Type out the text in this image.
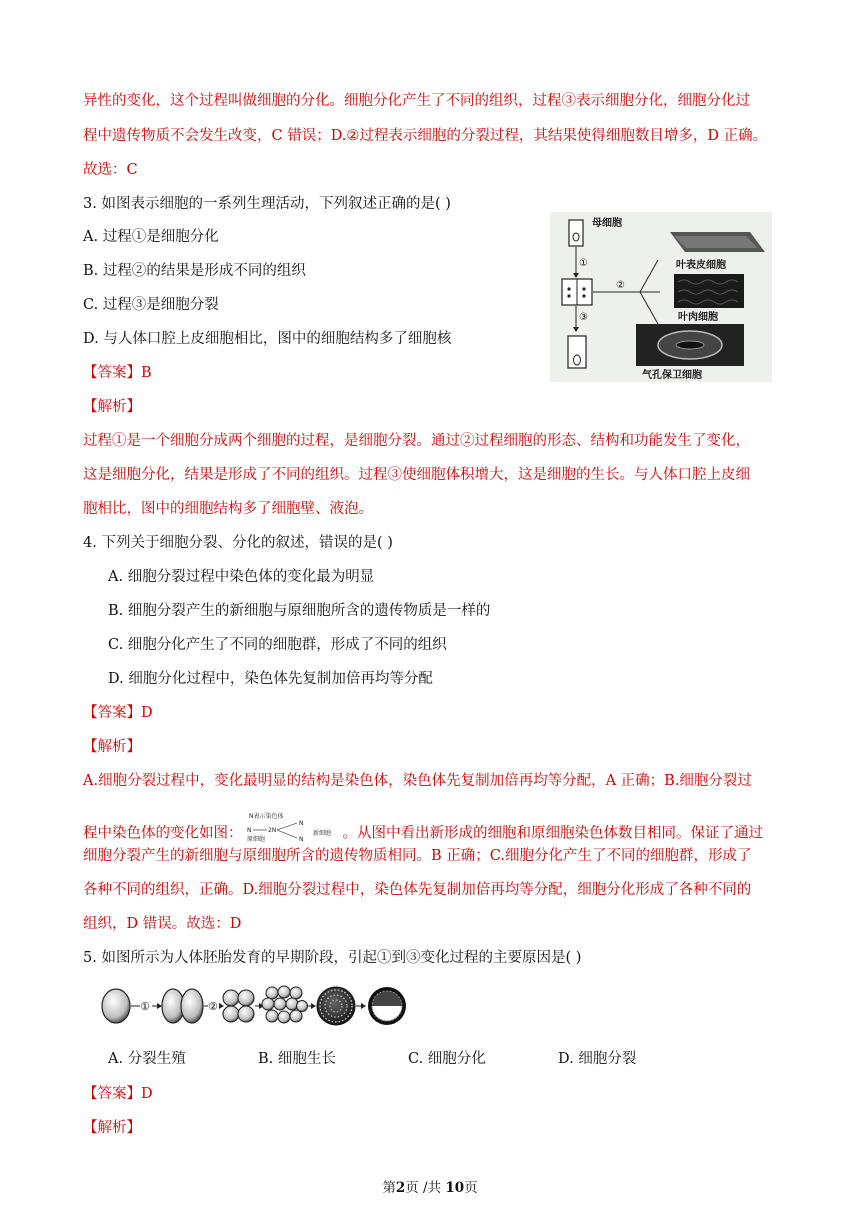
异性的变化，这个过程叫做细胞的分化。细胞分化产生了不同的组织，过程③表示细胞分化，细胞分化过
程中遗传物质不会发生改变，C 错误；D.②过程表示细胞的分裂过程，其结果使得细胞数目增多，D 正确。
故选：C
3. 如图表示细胞的一系列生理活动，下列叙述正确的是( )
A. 过程①是细胞分化
B. 过程②的结果是形成不同的组织
C. 过程③是细胞分裂
D. 与人体口腔上皮细胞相比，图中的细胞结构多了细胞核
【答案】B
【解析】
过程①是一个细胞分成两个细胞的过程，是细胞分裂。通过②过程细胞的形态、结构和功能发生了变化，
这是细胞分化，结果是形成了不同的组织。过程③使细胞体积增大，这是细胞的生长。与人体口腔上皮细
胞相比，图中的细胞结构多了细胞壁、液泡。
母细胞
①
②
③
叶表皮细胞
叶肉细胞
气孔保卫细胞
4. 下列关于细胞分裂、分化的叙述，错误的是( )
A. 细胞分裂过程中染色体的变化最为明显
B. 细胞分裂产生的新细胞与原细胞所含的遗传物质是一样的
C. 细胞分化产生了不同的细胞群，形成了不同的组织
D. 细胞分化过程中，染色体先复制加倍再均等分配
【答案】D
【解析】
A.细胞分裂过程中，变化最明显的结构是染色体，染色体先复制加倍再均等分配，A 正确；B.细胞分裂过
程中染色体的变化如图：
N表示染色体
N	2N
N
N
原细胞
新细胞 。从图中看出新形成的细胞和原细胞染色体数目相同。保证了通过
细胞分裂产生的新细胞与原细胞所含的遗传物质相同。B 正确；C.细胞分化产生了不同的细胞群，形成了
各种不同的组织，正确。D.细胞分裂过程中，染色体先复制加倍再均等分配，细胞分化形成了各种不同的
组织，D 错误。故选：D
5. 如图所示为人体胚胎发育的早期阶段，引起①到③变化过程的主要原因是( )
①	②
A. 分裂生殖	B. 细胞生长	C. 细胞分化	D. 细胞分裂
【答案】D
【解析】
第2页 /共 10页
